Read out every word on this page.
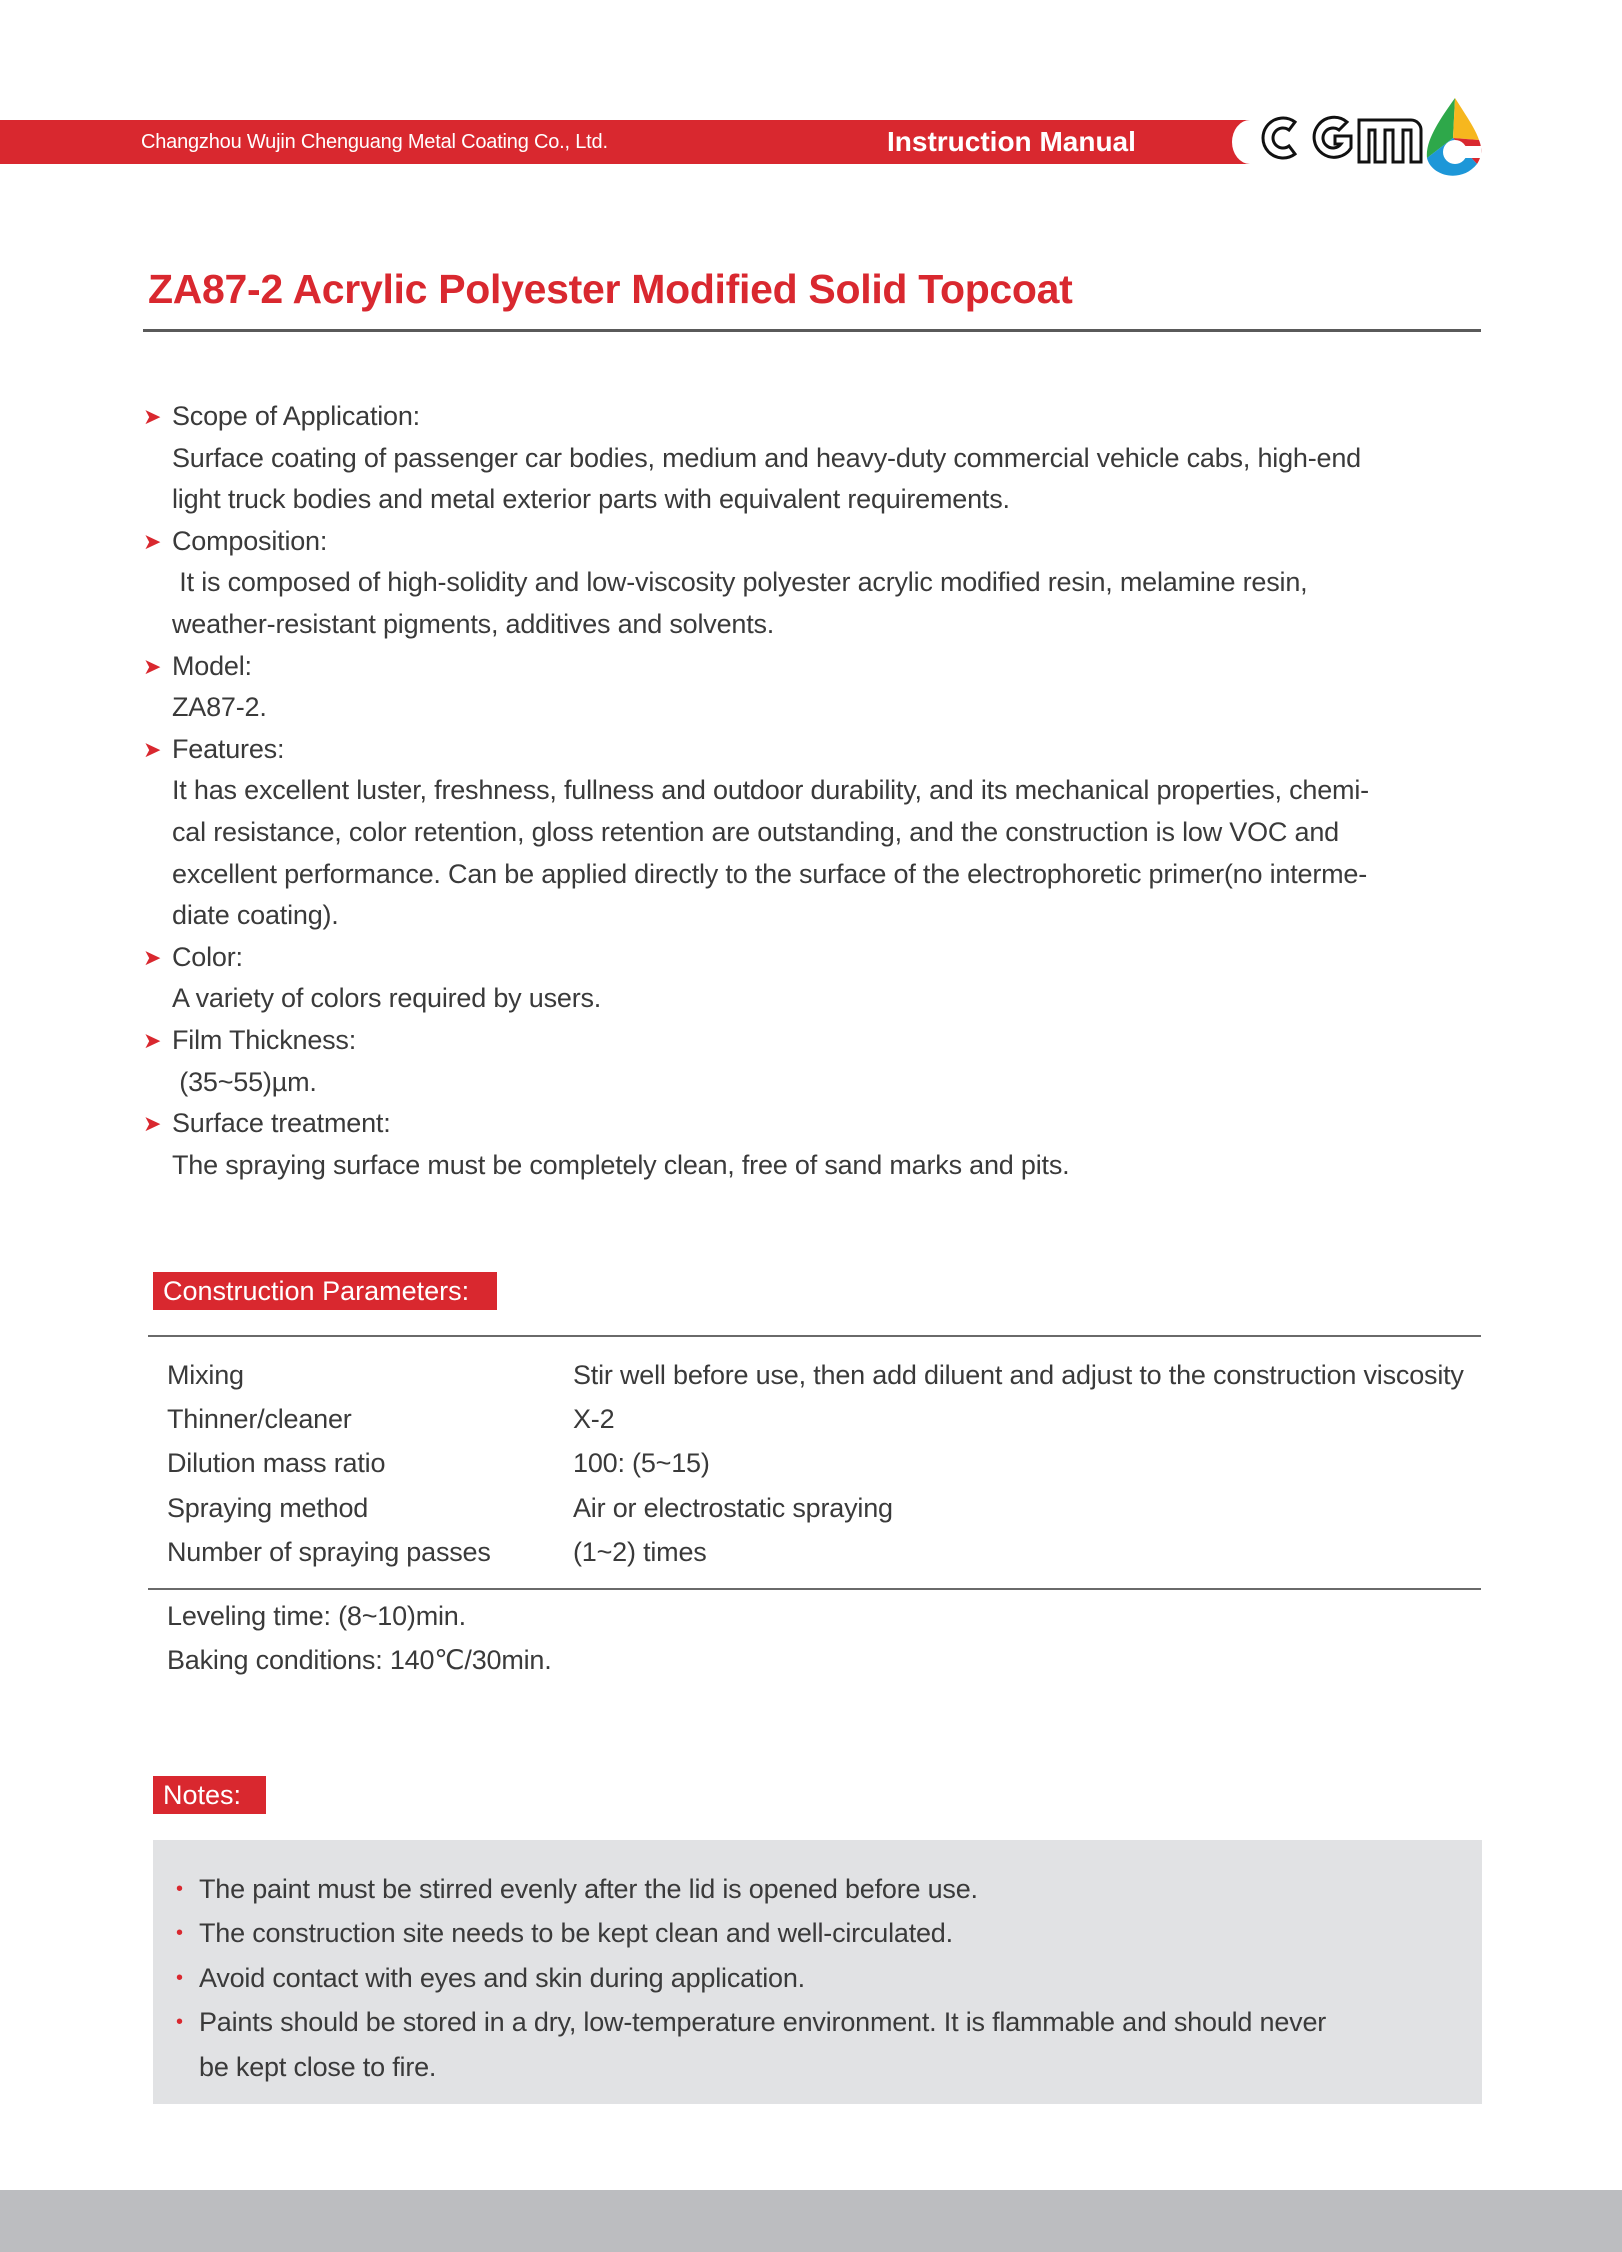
Changzhou Wujin Chenguang Metal Coating Co., Ltd.	Instruction Manual
ZA87-2 Acrylic Polyester Modified Solid Topcoat
➤ Scope of Application:
Surface coating of passenger car bodies, medium and heavy-duty commercial vehicle cabs, high-end
light truck bodies and metal exterior parts with equivalent requirements.
➤ Composition:
It is composed of high-solidity and low-viscosity polyester acrylic modified resin, melamine resin,
weather-resistant pigments, additives and solvents.
➤ Model:
ZA87-2.
➤ Features:
It has excellent luster, freshness, fullness and outdoor durability, and its mechanical properties, chemi-
cal resistance, color retention, gloss retention are outstanding, and the construction is low VOC and
excellent performance. Can be applied directly to the surface of the electrophoretic primer(no interme-
diate coating).
➤ Color:
A variety of colors required by users.
➤ Film Thickness:
(35~55)µm.
➤ Surface treatment:
The spraying surface must be completely clean, free of sand marks and pits.
Construction Parameters:
Mixing	Stir well before use, then add diluent and adjust to the construction viscosity
Thinner/cleaner	X-2
Dilution mass ratio	100: (5~15)
Spraying method	Air or electrostatic spraying
Number of spraying passes	(1~2) times
Leveling time: (8~10)min.
Baking conditions: 140℃/30min.
Notes:
• The paint must be stirred evenly after the lid is opened before use.
• The construction site needs to be kept clean and well-circulated.
• Avoid contact with eyes and skin during application.
• Paints should be stored in a dry, low-temperature environment. It is flammable and should never
be kept close to fire.
